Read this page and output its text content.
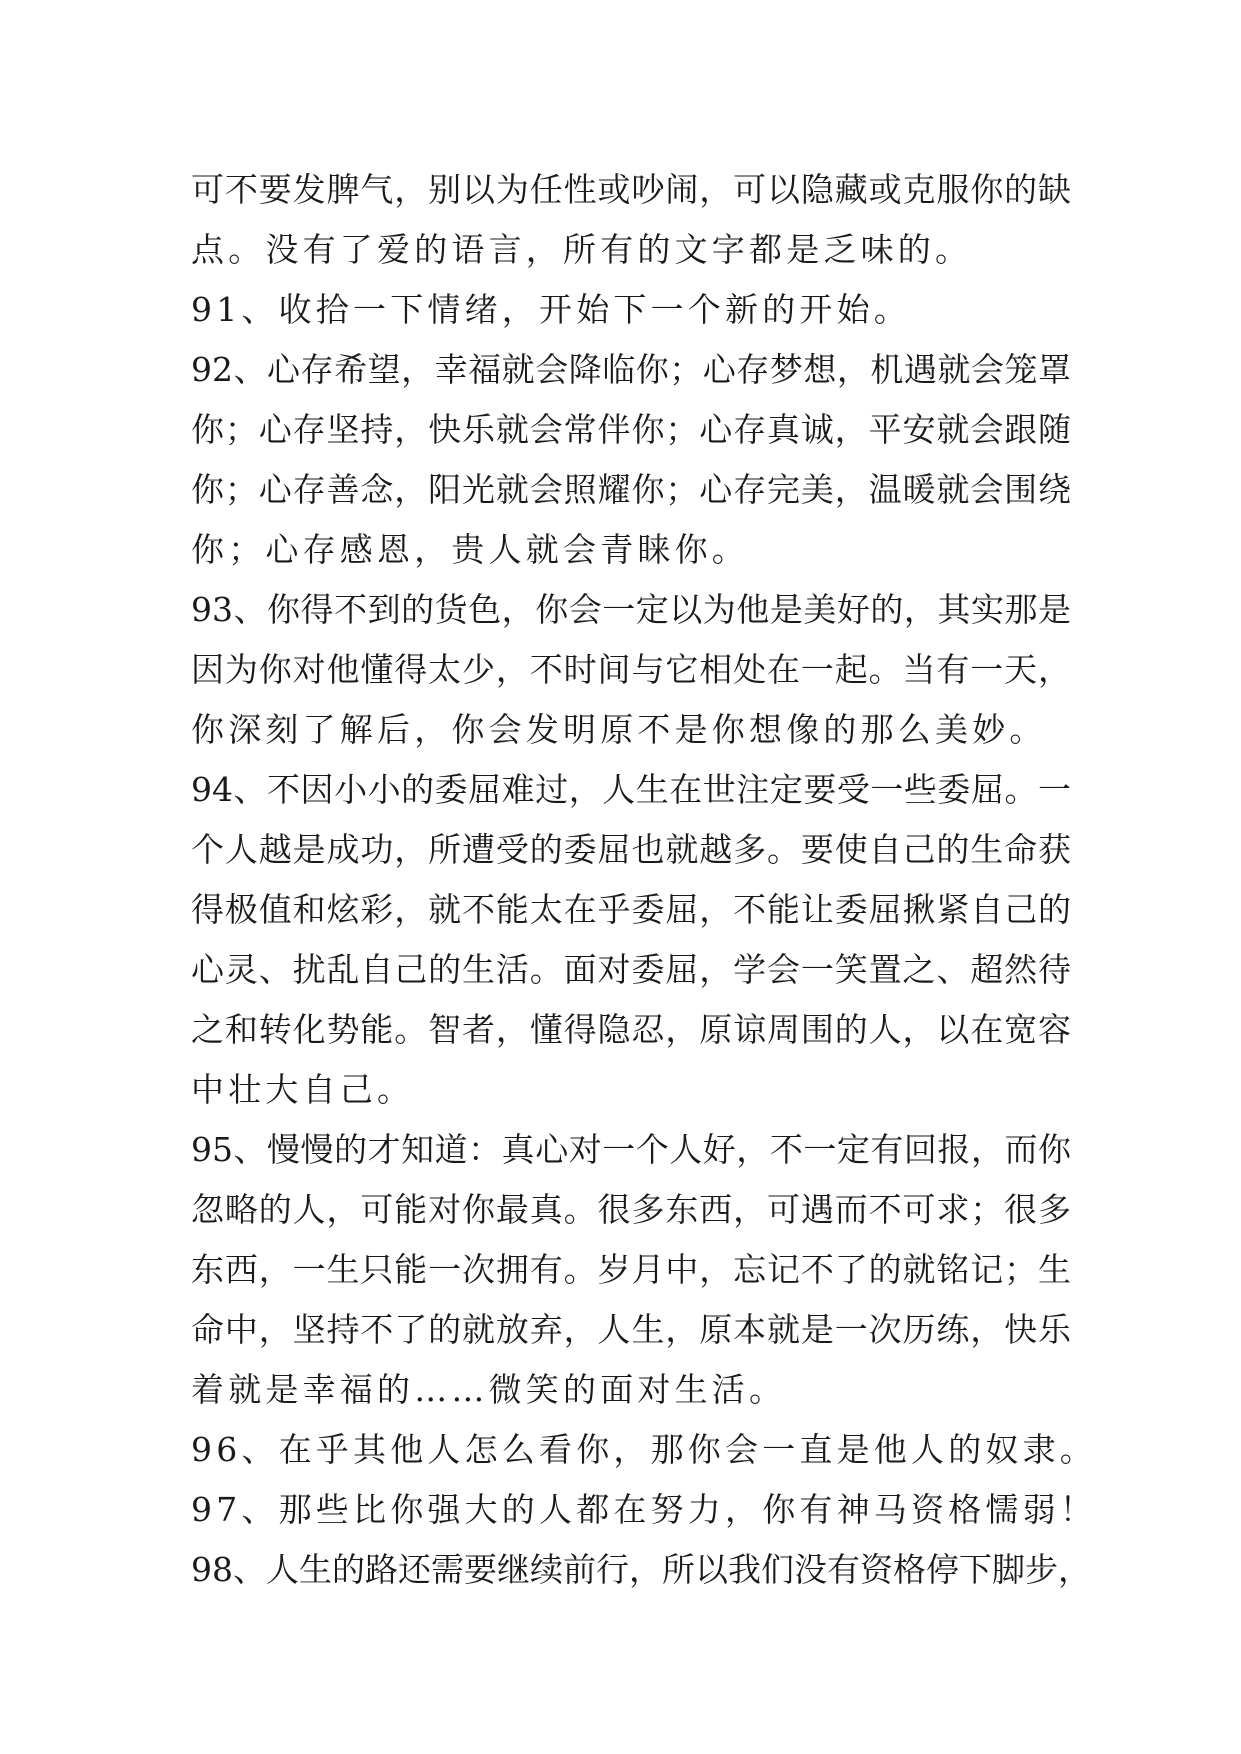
可不要发脾气，别以为任性或吵闹，可以隐藏或克服你的缺
点。没有了爱的语言，所有的文字都是乏味的。
91、收拾一下情绪，开始下一个新的开始。
92、心存希望，幸福就会降临你；心存梦想，机遇就会笼罩
你；心存坚持，快乐就会常伴你；心存真诚，平安就会跟随
你；心存善念，阳光就会照耀你；心存完美，温暖就会围绕
你；心存感恩，贵人就会青睐你。
93、你得不到的货色，你会一定以为他是美好的，其实那是
因为你对他懂得太少，不时间与它相处在一起。当有一天，
你深刻了解后，你会发明原不是你想像的那么美妙。
94、不因小小的委屈难过，人生在世注定要受一些委屈。一
个人越是成功，所遭受的委屈也就越多。要使自己的生命获
得极值和炫彩，就不能太在乎委屈，不能让委屈揪紧自己的
心灵、扰乱自己的生活。面对委屈，学会一笑置之、超然待
之和转化势能。智者，懂得隐忍，原谅周围的人，以在宽容
中壮大自己。
95、慢慢的才知道：真心对一个人好，不一定有回报，而你
忽略的人，可能对你最真。很多东西，可遇而不可求；很多
东西，一生只能一次拥有。岁月中，忘记不了的就铭记；生
命中，坚持不了的就放弃，人生，原本就是一次历练，快乐
着就是幸福的……微笑的面对生活。
96、在乎其他人怎么看你，那你会一直是他人的奴隶。
97、那些比你强大的人都在努力，你有神马资格懦弱！
98、人生的路还需要继续前行，所以我们没有资格停下脚步，
